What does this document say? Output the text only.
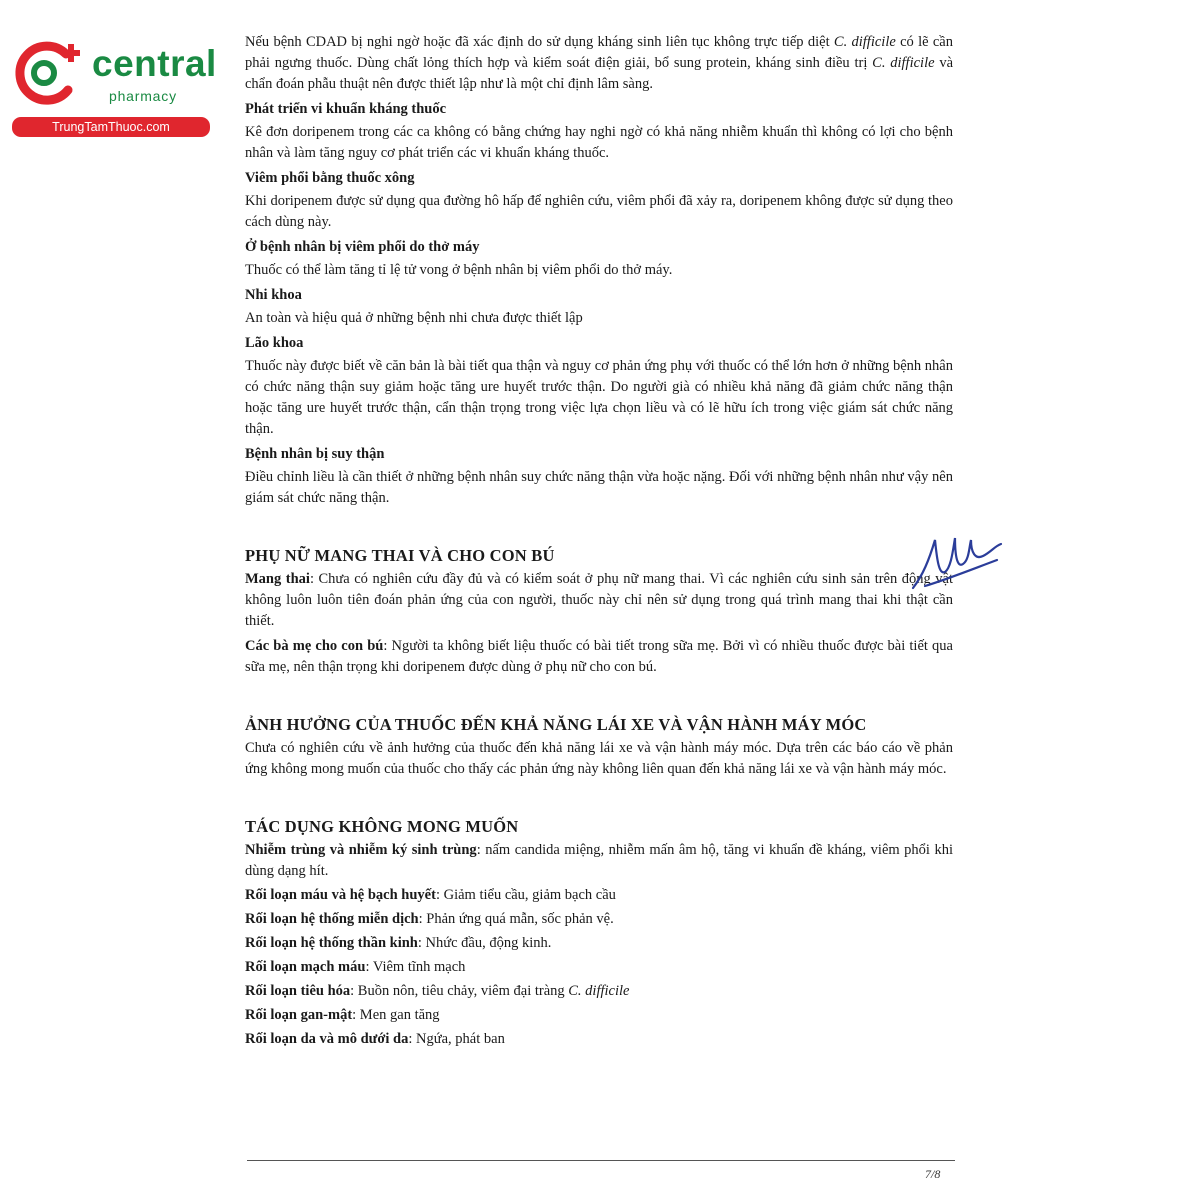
central
pharmacy
TrungTamThuoc.com

Nếu bệnh CDAD bị nghi ngờ hoặc đã xác định do sử dụng kháng sinh liên tục không trực tiếp diệt C. difficile có lẽ cần phải ngưng thuốc. Dùng chất lỏng thích hợp và kiểm soát điện giải, bổ sung protein, kháng sinh điều trị C. difficile và chẩn đoán phẫu thuật nên được thiết lập như là một chỉ định lâm sàng.

Phát triển vi khuẩn kháng thuốc

Kê đơn doripenem trong các ca không có bằng chứng hay nghi ngờ có khả năng nhiễm khuẩn thì không có lợi cho bệnh nhân và làm tăng nguy cơ phát triển các vi khuẩn kháng thuốc.

Viêm phổi bằng thuốc xông

Khi doripenem được sử dụng qua đường hô hấp để nghiên cứu, viêm phổi đã xảy ra, doripenem không được sử dụng theo cách dùng này.

Ở bệnh nhân bị viêm phổi do thở máy

Thuốc có thể làm tăng tỉ lệ tử vong ở bệnh nhân bị viêm phổi do thở máy.

Nhi khoa

An toàn và hiệu quả ở những bệnh nhi chưa được thiết lập

Lão khoa

Thuốc này được biết về căn bản là bài tiết qua thận và nguy cơ phản ứng phụ với thuốc có thể lớn hơn ở những bệnh nhân có chức năng thận suy giảm hoặc tăng ure huyết trước thận. Do người già có nhiều khả năng đã giảm chức năng thận hoặc tăng ure huyết trước thận, cẩn thận trọng trong việc lựa chọn liều và có lẽ hữu ích trong việc giám sát chức năng thận.

Bệnh nhân bị suy thận

Điều chỉnh liều là cần thiết ở những bệnh nhân suy chức năng thận vừa hoặc nặng. Đối với những bệnh nhân như vậy nên giám sát chức năng thận.

PHỤ NỮ MANG THAI VÀ CHO CON BÚ

Mang thai: Chưa có nghiên cứu đầy đủ và có kiểm soát ở phụ nữ mang thai. Vì các nghiên cứu sinh sản trên động vật không luôn luôn tiên đoán phản ứng của con người, thuốc này chỉ nên sử dụng trong quá trình mang thai khi thật cần thiết.

Các bà mẹ cho con bú: Người ta không biết liệu thuốc có bài tiết trong sữa mẹ. Bởi vì có nhiều thuốc được bài tiết qua sữa mẹ, nên thận trọng khi doripenem được dùng ở phụ nữ cho con bú.

ẢNH HƯỞNG CỦA THUỐC ĐẾN KHẢ NĂNG LÁI XE VÀ VẬN HÀNH MÁY MÓC

Chưa có nghiên cứu về ảnh hưởng của thuốc đến khả năng lái xe và vận hành máy móc. Dựa trên các báo cáo về phản ứng không mong muốn của thuốc cho thấy các phản ứng này không liên quan đến khả năng lái xe và vận hành máy móc.

TÁC DỤNG KHÔNG MONG MUỐN

Nhiễm trùng và nhiễm ký sinh trùng: nấm candida miệng, nhiễm mấn âm hộ, tăng vi khuẩn đề kháng, viêm phổi khi dùng dạng hít.

Rối loạn máu và hệ bạch huyết: Giảm tiểu cầu, giảm bạch cầu

Rối loạn hệ thống miễn dịch: Phản ứng quá mẫn, sốc phản vệ.

Rối loạn hệ thống thần kinh: Nhức đầu, động kinh.

Rối loạn mạch máu: Viêm tĩnh mạch

Rối loạn tiêu hóa: Buồn nôn, tiêu chảy, viêm đại tràng C. difficile

Rối loạn gan-mật: Men gan tăng

Rối loạn da và mô dưới da: Ngứa, phát ban

7/8
